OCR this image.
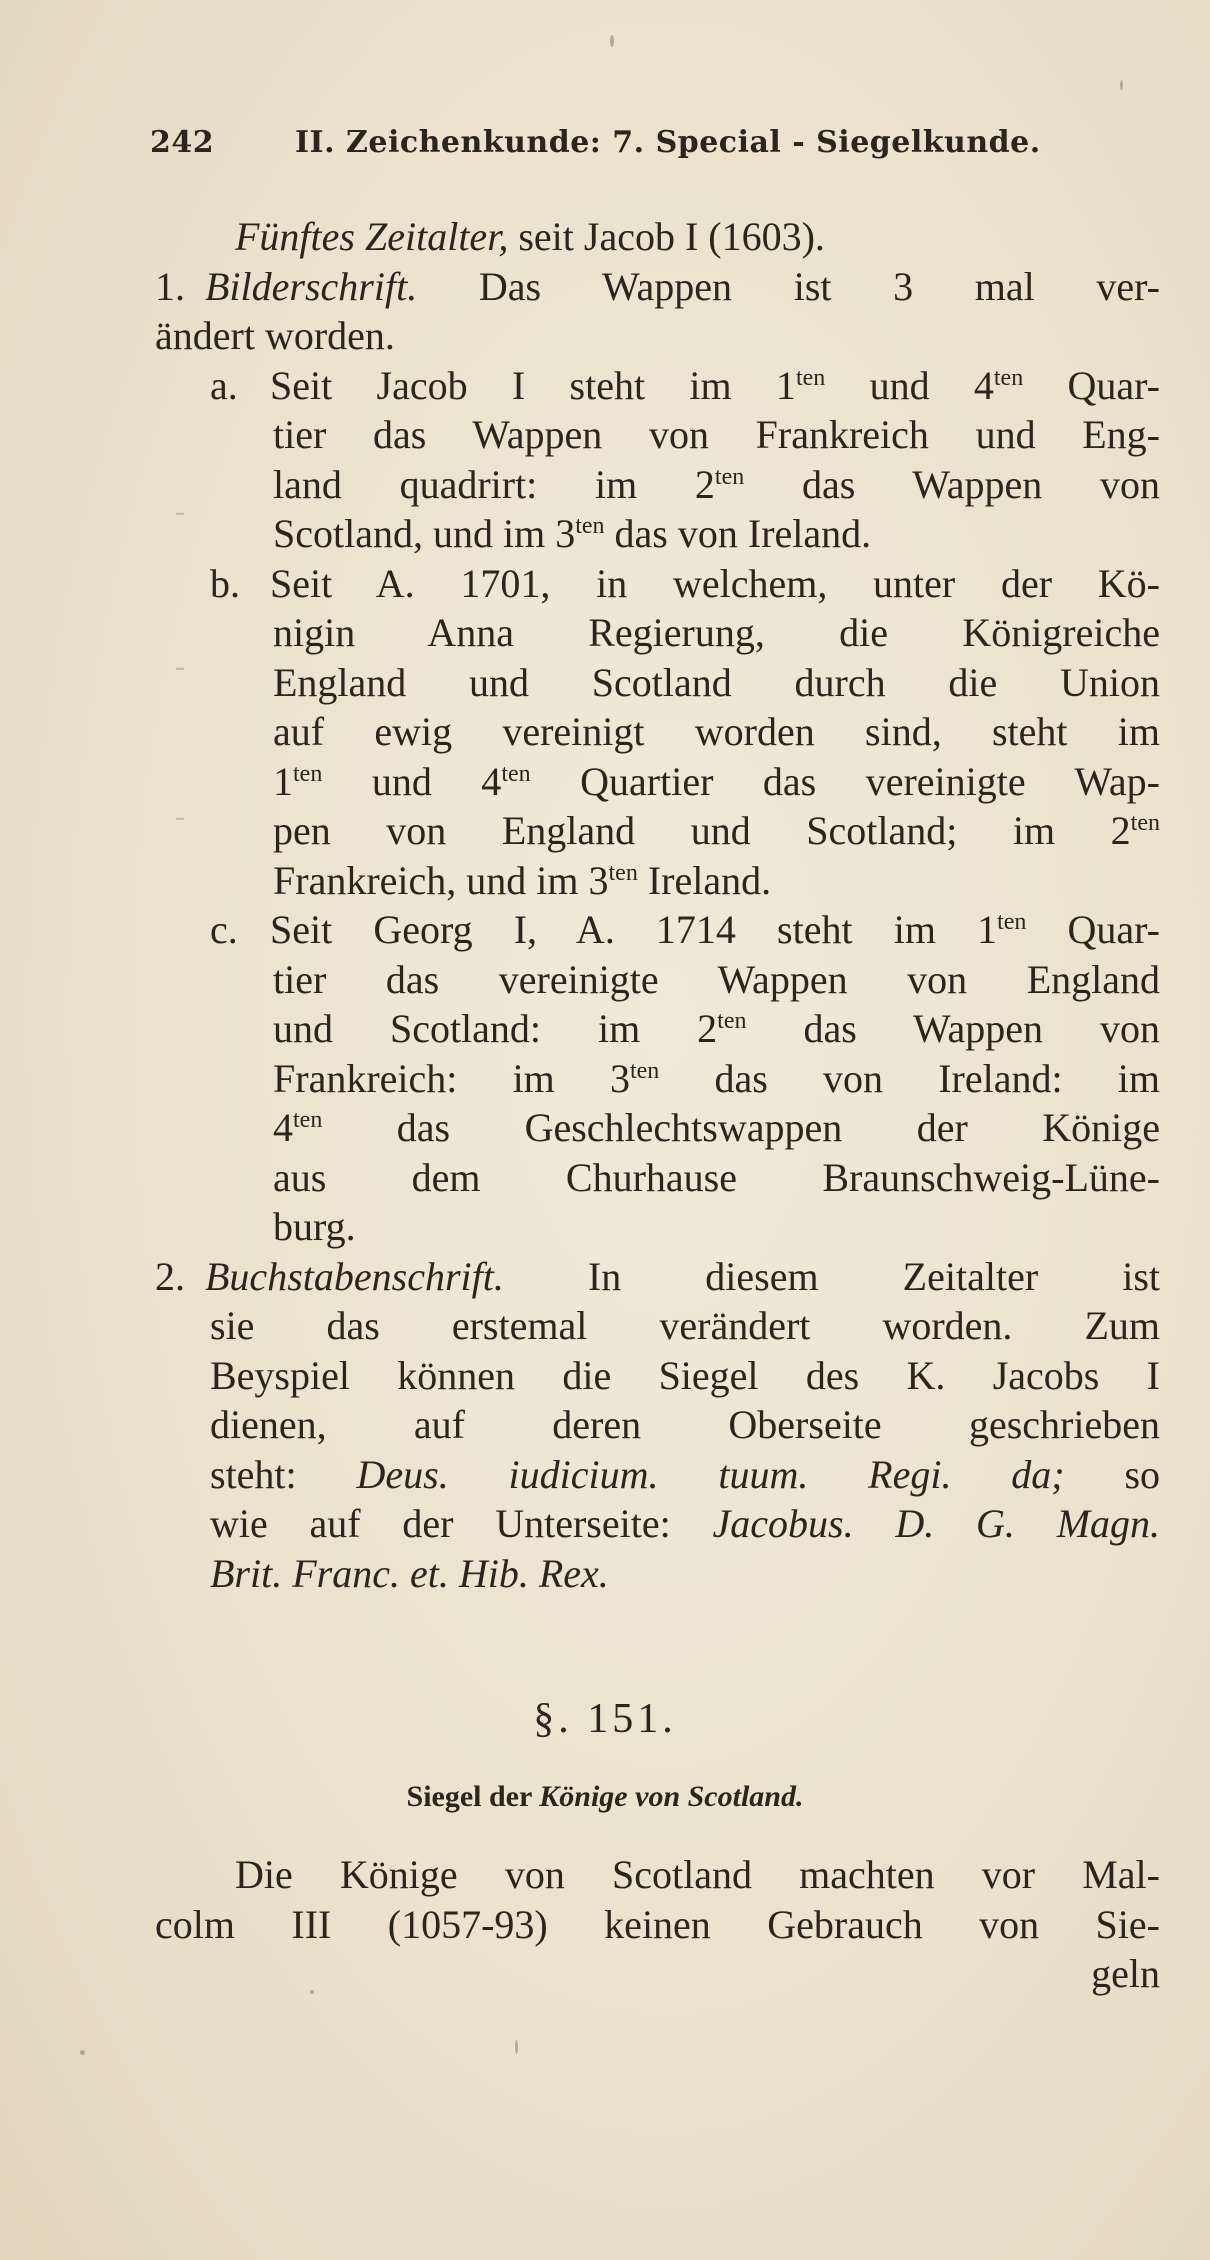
242	II. Zeichenkunde: 7. Special - Siegelkunde.
-
-
-
Fünftes Zeitalter, seit Jacob I (1603).
1. Bilderschrift. Das Wappen ist 3 mal ver-
ändert worden.
a. Seit Jacob I steht im $1^{ten}$ und $4^{ten}$ Quar-
tier das Wappen von Frankreich und Eng-
land quadrirt: im $2^{ten}$ das Wappen von
Scotland, und im $3^{ten}$ das von Ireland.
b. Seit A. 1701, in welchem, unter der Kö-
nigin Anna Regierung, die Königreiche
England und Scotland durch die Union
auf ewig vereinigt worden sind, steht im
$1^{ten}$ und $4^{ten}$ Quartier das vereinigte Wap-
pen von England und Scotland; im $2^{ten}$
Frankreich, und im $3^{ten}$ Ireland.
c. Seit Georg I, A. 1714 steht im $1^{ten}$ Quar-
tier das vereinigte Wappen von England
und Scotland: im $2^{ten}$ das Wappen von
Frankreich: im $3^{ten}$ das von Ireland: im
$4^{ten}$ das Geschlechtswappen der Könige
aus dem Churhause Braunschweig-Lüne-
burg.
2. Buchstabenschrift. In diesem Zeitalter ist
sie das erstemal verändert worden. Zum
Beyspiel können die Siegel des K. Jacobs I
dienen, auf deren Oberseite geschrieben
steht: Deus. iudicium. tuum. Regi. da; so
wie auf der Unterseite: Jacobus. D. G. Magn.
Brit. Franc. et. Hib. Rex.
§. 151.
Siegel der Könige von Scotland.
Die Könige von Scotland machten vor Mal-
colm III (1057-93) keinen Gebrauch von Sie-
geln
